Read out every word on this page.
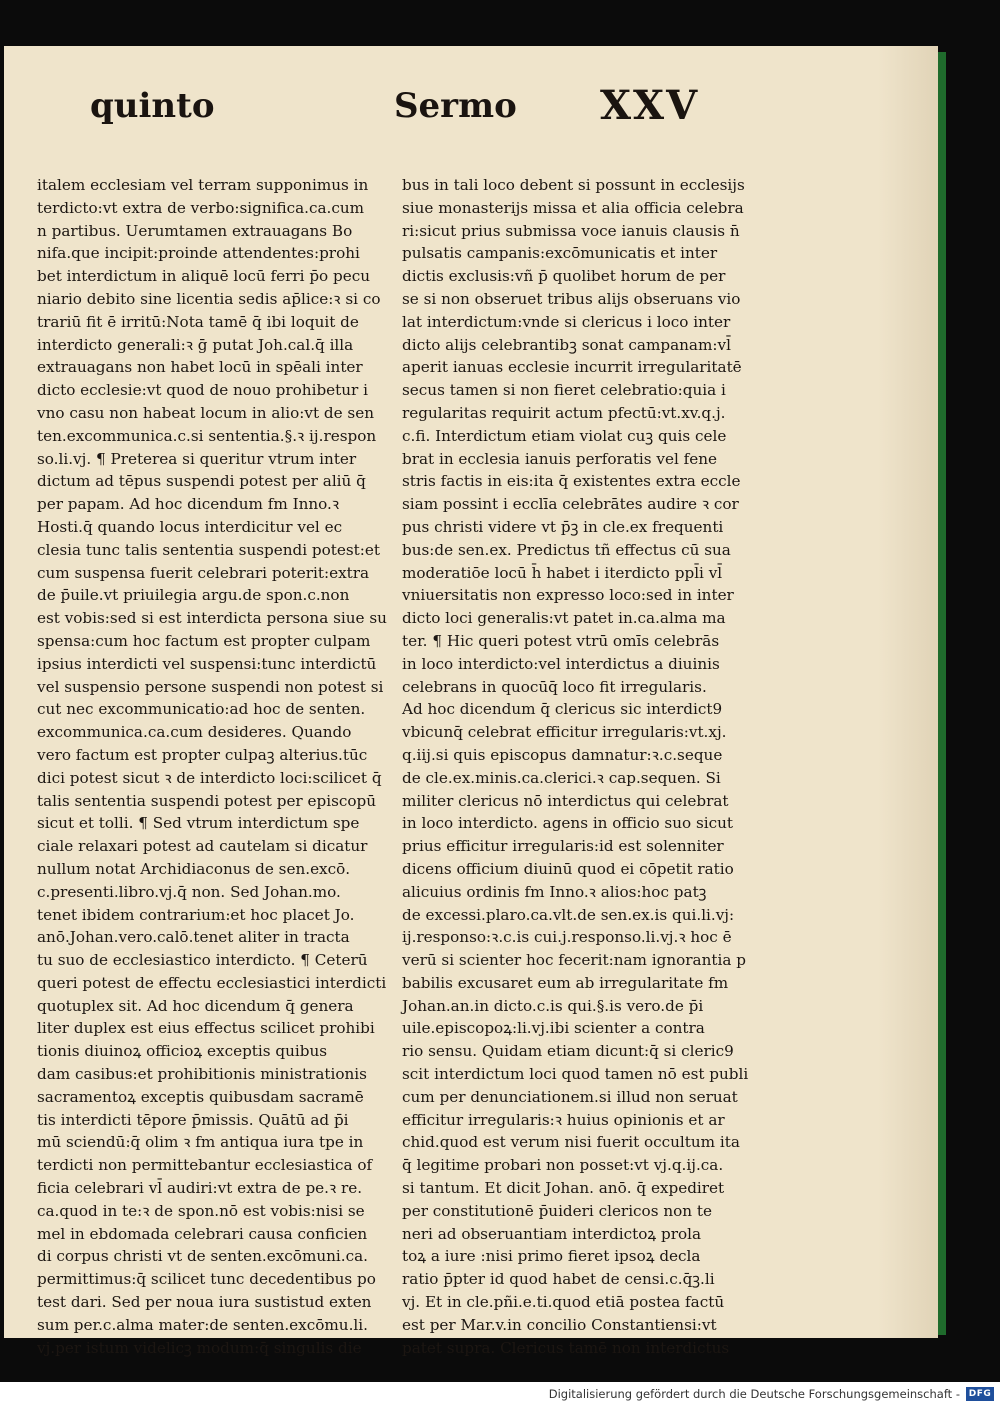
quinto	Sermo XXV
italem ecclesiam vel terram supponimus in
terdicto:vt extra de verbo:significa.ca.cum
n partibus. Uerumtamen extrauagans Bo
nifa.que incipit:proinde attendentes:prohi
bet interdictum in aliquē locū ferri p̄o pecu
niario debito sine licentia sedis ap̄lice:ꝛ si co
trariū fit ē irritū:Nota tamē q̄ ibi loquit de
interdicto generali:ꝛ ḡ putat Joh.cal.q̄ illa
extrauagans non habet locū in spēali inter
dicto ecclesie:vt quod de nouo prohibetur i
vno casu non habeat locum in alio:vt de sen
ten.excommunica.c.si sententia.§.ꝛ ij.respon
so.li.vj. ¶ Preterea si queritur vtrum inter
dictum ad tēpus suspendi potest per aliū q̄
per papam. Ad hoc dicendum fm Inno.ꝛ
Hosti.q̄ quando locus interdicitur vel ec
clesia tunc talis sententia suspendi potest:et
cum suspensa fuerit celebrari poterit:extra
de p̄uile.vt priuilegia argu.de spon.c.non
est vobis:sed si est interdicta persona siue su
spensa:cum hoc factum est propter culpam
ipsius interdicti vel suspensi:tunc interdictū
vel suspensio persone suspendi non potest si
cut nec excommunicatio:ad hoc de senten.
excommunica.ca.cum desideres. Quando
vero factum est propter culpaꝫ alterius.tūc
dici potest sicut ꝛ de interdicto loci:scilicet q̄
talis sententia suspendi potest per episcopū
sicut et tolli. ¶ Sed vtrum interdictum spe
ciale relaxari potest ad cautelam si dicatur
nullum notat Archidiaconus de sen.excō.
c.presenti.libro.vj.q̄ non. Sed Johan.mo.
tenet ibidem contrarium:et hoc placet Jo.
anō.Johan.vero.calō.tenet aliter in tracta
tu suo de ecclesiastico interdicto. ¶ Ceterū
queri potest de effectu ecclesiastici interdicti
quotuplex sit. Ad hoc dicendum q̄ genera
liter duplex est eius effectus scilicet prohibi
tionis diuinoꝝ officioꝝ exceptis quibus
dam casibus:et prohibitionis ministrationis
sacramentoꝝ exceptis quibusdam sacramē
tis interdicti tēpore p̄missis. Quātū ad p̄i
mū sciendū:q̄ olim ꝛ fm antiqua iura tpe in
terdicti non permittebantur ecclesiastica of
ficia celebrari vl̄ audiri:vt extra de pe.ꝛ re.
ca.quod in te:ꝛ de spon.nō est vobis:nisi se
mel in ebdomada celebrari causa conficien
di corpus christi vt de senten.excōmuni.ca.
permittimus:q̄ scilicet tunc decedentibus po
test dari. Sed per noua iura sustistud exten
sum per.c.alma mater:de senten.excōmu.li.
vj.per istum videlicꝫ modum:q̄ singulis die
bus in tali loco debent si possunt in ecclesijs
siue monasterijs missa et alia officia celebra
ri:sicut prius submissa voce ianuis clausis n̄
pulsatis campanis:excōmunicatis et inter
dictis exclusis:vñ p̄ quolibet horum de per
se si non obseruet tribus alijs obseruans vio
lat interdictum:vnde si clericus i loco inter
dicto alijs celebrantibꝫ sonat campanam:vl̄
aperit ianuas ecclesie incurrit irregularitatē
secus tamen si non fieret celebratio:quia i
regularitas requirit actum pfectū:vt.xv.q.j.
c.fi. Interdictum etiam violat cuꝫ quis cele
brat in ecclesia ianuis perforatis vel fene
stris factis in eis:ita q̄ existentes extra eccle
siam possint i ecclīa celebrātes audire ꝛ cor
pus christi videre vt p̄ꝫ in cle.ex frequenti
bus:de sen.ex. Predictus tñ effectus cū sua
moderatiōe locū h̄ habet i iterdicto ppl̄i vl̄
vniuersitatis non expresso loco:sed in inter
dicto loci generalis:vt patet in.ca.alma ma
ter. ¶ Hic queri potest vtrū omīs celebrās
in loco interdicto:vel interdictus a diuinis
celebrans in quocūq̄ loco fit irregularis.
Ad hoc dicendum q̄ clericus sic interdict9
vbicunq̄ celebrat efficitur irregularis:vt.xj.
q.iij.si quis episcopus damnatur:ꝛ.c.seque
de cle.ex.minis.ca.clerici.ꝛ cap.sequen. Si
militer clericus nō interdictus qui celebrat
in loco interdicto. agens in officio suo sicut
prius efficitur irregularis:id est solenniter
dicens officium diuinū quod ei cōpetit ratio
alicuius ordinis fm Inno.ꝛ alios:hoc patꝫ
de excessi.plaro.ca.vlt.de sen.ex.is qui.li.vj:
ij.responso:ꝛ.c.is cui.j.responso.li.vj.ꝛ hoc ē
verū si scienter hoc fecerit:nam ignorantia p
babilis excusaret eum ab irregularitate fm
Johan.an.in dicto.c.is qui.§.is vero.de p̄i
uile.episcopoꝝ:li.vj.ibi scienter a contra
rio sensu. Quidam etiam dicunt:q̄ si cleric9
scit interdictum loci quod tamen nō est publi
cum per denunciationem.si illud non seruat
efficitur irregularis:ꝛ huius opinionis et ar
chid.quod est verum nisi fuerit occultum ita
q̄ legitime probari non posset:vt vj.q.ij.ca.
si tantum. Et dicit Johan. anō. q̄ expediret
per constitutionē p̄uideri clericos non te
neri ad obseruantiam interdictoꝝ prola
toꝝ a iure :nisi primo fieret ipsoꝝ decla
ratio p̄pter id quod habet de censi.c.q̄ꝫ.li
vj. Et in cle.pñi.e.ti.quod etiā postea factū
est per Mar.v.in concilio Constantiensi:vt
patet supra. Clericus tamē non interdictus
Digitalisierung gefördert durch die Deutsche Forschungsgemeinschaft - DFG
